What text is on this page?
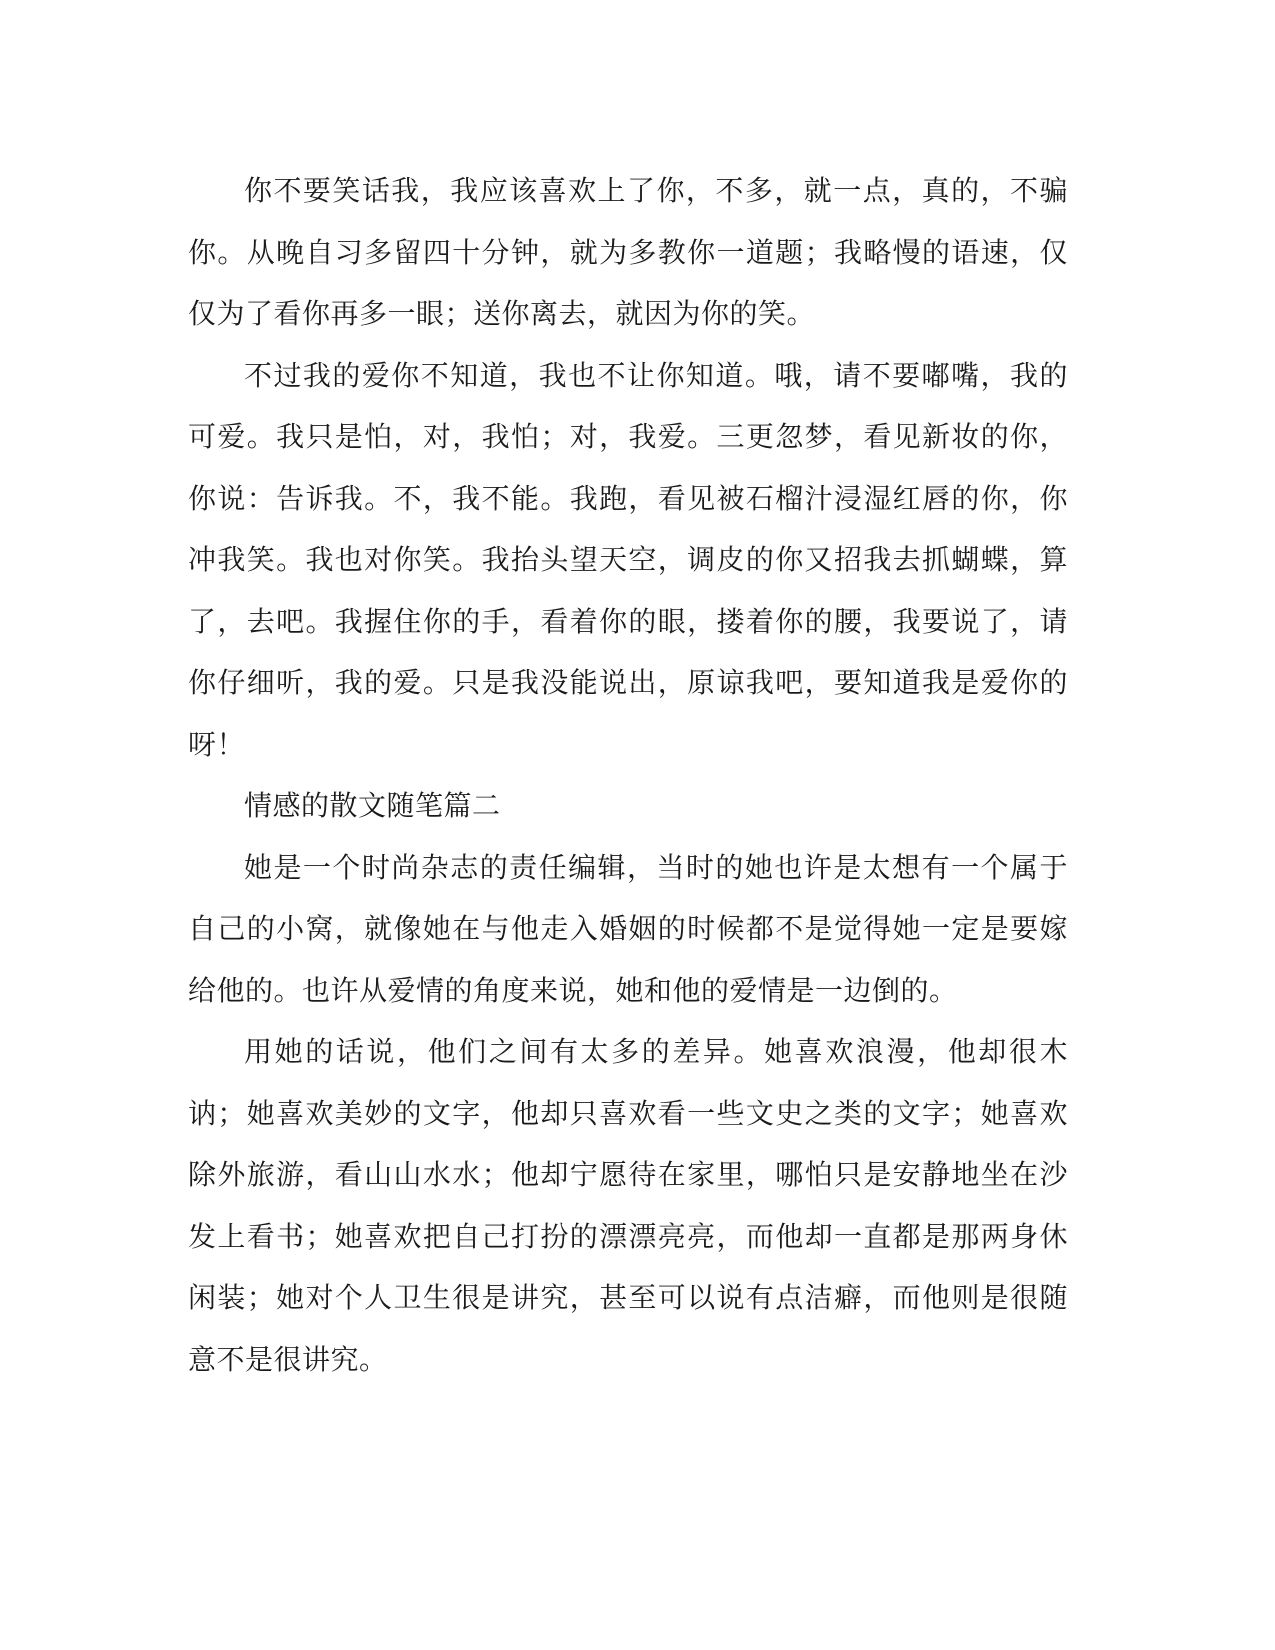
你不要笑话我，我应该喜欢上了你，不多，就一点，真的，不骗你。从晚自习多留四十分钟，就为多教你一道题；我略慢的语速，仅仅为了看你再多一眼；送你离去，就因为你的笑。

不过我的爱你不知道，我也不让你知道。哦，请不要嘟嘴，我的可爱。我只是怕，对，我怕；对，我爱。三更忽梦，看见新妆的你，你说：告诉我。不，我不能。我跑，看见被石榴汁浸湿红唇的你，你冲我笑。我也对你笑。我抬头望天空，调皮的你又招我去抓蝴蝶，算了，去吧。我握住你的手，看着你的眼，搂着你的腰，我要说了，请你仔细听，我的爱。只是我没能说出，原谅我吧，要知道我是爱你的呀！

情感的散文随笔篇二

她是一个时尚杂志的责任编辑，当时的她也许是太想有一个属于自己的小窝，就像她在与他走入婚姻的时候都不是觉得她一定是要嫁给他的。也许从爱情的角度来说，她和他的爱情是一边倒的。

用她的话说，他们之间有太多的差异。她喜欢浪漫，他却很木讷；她喜欢美妙的文字，他却只喜欢看一些文史之类的文字；她喜欢除外旅游，看山山水水；他却宁愿待在家里，哪怕只是安静地坐在沙发上看书；她喜欢把自己打扮的漂漂亮亮，而他却一直都是那两身休闲装；她对个人卫生很是讲究，甚至可以说有点洁癖，而他则是很随意不是很讲究。
